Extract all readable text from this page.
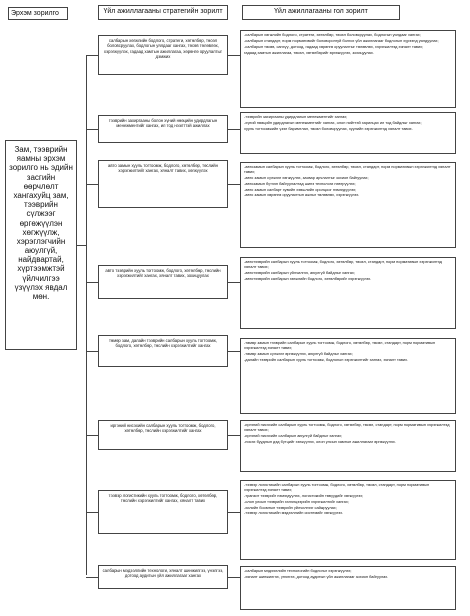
Эрхэм зорилго	Үйл ажиллагааны стратегийн зорилт	Үйл ажиллагааны гол зорилт
Зам, тээврийн яамны эрхэм зорилго нь эдийн засгийн өөрчлөлт хангахуйц зам, тээврийн сүлжээг өргөжүүлэн хөгжүүлж, хэрэглэгчийн аюулгүй, найдвартай, хүртээмжтэй үйлчилгээ үзүүлэх явдал мөн.
салбарын хөгжлийн бодлого, стратеги, хөтөлбөр, төсөл боловсруулах, бодлогын уялдааг хангах, төсөв төлөвлөх, хэрэгжүүлэх, гадаад хамтын ажиллагаа, хөрөнгө оруулалтыг дэмжих
-салбарын хөгжлийн бодлого, стратеги, хөтөлбөр, төсөл боловсруулах, бодлогын уялдааг хангах;
-салбарын стандарт, норм нормативийг боловсронгуй болгох үйл ажиллагааг бодлогын хүрээнд уялдуулах;
-салбарын төсөв, санхүү, дотоод, гадаад хөрөнгө оруулалтыг төлөвлөх, хэрэгжилтэд хяналт тавих;
гадаад хамтын ажиллагаа, төсөл, хөтөлбөрийг өргөжүүлэх, зохицуулах.
тээврийн захиргааны болон хүний нөөцийн удирдлагын менежментийг хангах, ил тод нээлттэй ажиллах
-тээврийн захиргааны удирдлагын менежментийг хангах;
-хүний нөөцийн удирдлагын менежментийг хангах, олон нийттэй харилцах ил тод байдлыг хангах;
хууль тогтоомжийн үзэл баримтлал, төсөл боловсруулах, хуулийн хэрэгжилтэд хяналт тавих.
авто замын хууль тогтоомж, бодлого, хөтөлбөр, төслийн хэрэгжилтийг хангах, хяналт тавих, хөгжүүлэх
-автозамын салбарын хууль тогтоомж, бодлого, хөтөлбөр, төсөл, стандарт, норм нормативын хэрэгжилтэд хяналт тавих;
-авто замын сүлжээг хөгжүүлэх, засвар арчлалтыг зохион байгуулах;
-автозамын бүтээн байгуулалтад шинэ технологи нэвтрүүлэх;
-авто замын салбарт хувийн хэвшлийн оролцоог нэмэгдүүлэх;
-авто замын хөрөнгө оруулалтын ажлыг төлөвлөх, хэрэгжүүлэх.
авто тээврийн хууль тогтоомж, бодлого, хөтөлбөр, төслийн хэрэгжилтийг хангах, хяналт тавих, зохицуулах
-автотээврийн салбарын хууль тогтоомж, бодлого, хөтөлбөр, төсөл, стандарт, норм нормативын хэрэгжилтэд хяналт тавих;
-автотээврийн салбарын үйлчилгээ, аюулгүй байдлыг хангах;
-автотээврийн салбарын хөгжлийн бодлого, хөтөлбөрийг хэрэгжүүлэх.
төмөр зам, далайн тээврийн салбарын хууль тогтоомж, бодлого, хөтөлбөр, төслийн хэрэгжилтийг хангах
-төмөр замын тээврийн салбарын хууль тогтоомж, бодлого, хөтөлбөр, төсөл, стандарт, норм нормативын хэрэгжилтэд хяналт тавих;
-төмөр замын сүлжээг өргөжүүлэх, аюулгүй байдлыг хангах;
-далайн тээврийн салбарын хууль тогтоомж, бодлогын хэрэгжилтийг хангах, хяналт тавих.
иргэний нисэхийн салбарын хууль тогтоомж, бодлого, хөтөлбөр, төслийн хэрэгжилтийг хангах
-иргэний нисэхийн салбарын хууль тогтоомж, бодлого, хөтөлбөр, төсөл, стандарт, норм нормативын хэрэгжилтэд хяналт тавих;
-иргэний нисэхийн салбарын аюулгүй байдлыг хангах;
-нисэх буудлын дэд бүтцийг хөгжүүлэх, олон улсын хамтын ажиллагааг өргөжүүлэх.
тээвэр логистикийн хууль тогтоомж, бодлого, хөтөлбөр, төслийн хэрэгжилтийг хангах, хяналт тавих
-тээвэр логистикийн салбарын хууль тогтоомж, бодлого, хөтөлбөр, төсөл, стандарт, норм нормативын хэрэгжилтэд хяналт тавих;
-транзит тээврийг нэмэгдүүлэх, логистикийн төвүүдийг хөгжүүлэх;
-олон улсын тээврийн хэлэлцээрийн хэрэгжилтийг хангах;
-хилийн боомтын тээврийн үйлчилгээг сайжруулах;
-тээвэр логистикийн мэдээллийн системийг хөгжүүлэх.
салбарын мэдээллийн технологи, хяналт шинжилгээ, үнэлгээ, дотоод аудитын үйл ажиллагааг хангах
-салбарын мэдээллийн технологийн бодлогыг хэрэгжүүлэх;
-хяналт шинжилгээ, үнэлгээ, дотоод аудитын үйл ажиллагааг зохион байгуулах.
